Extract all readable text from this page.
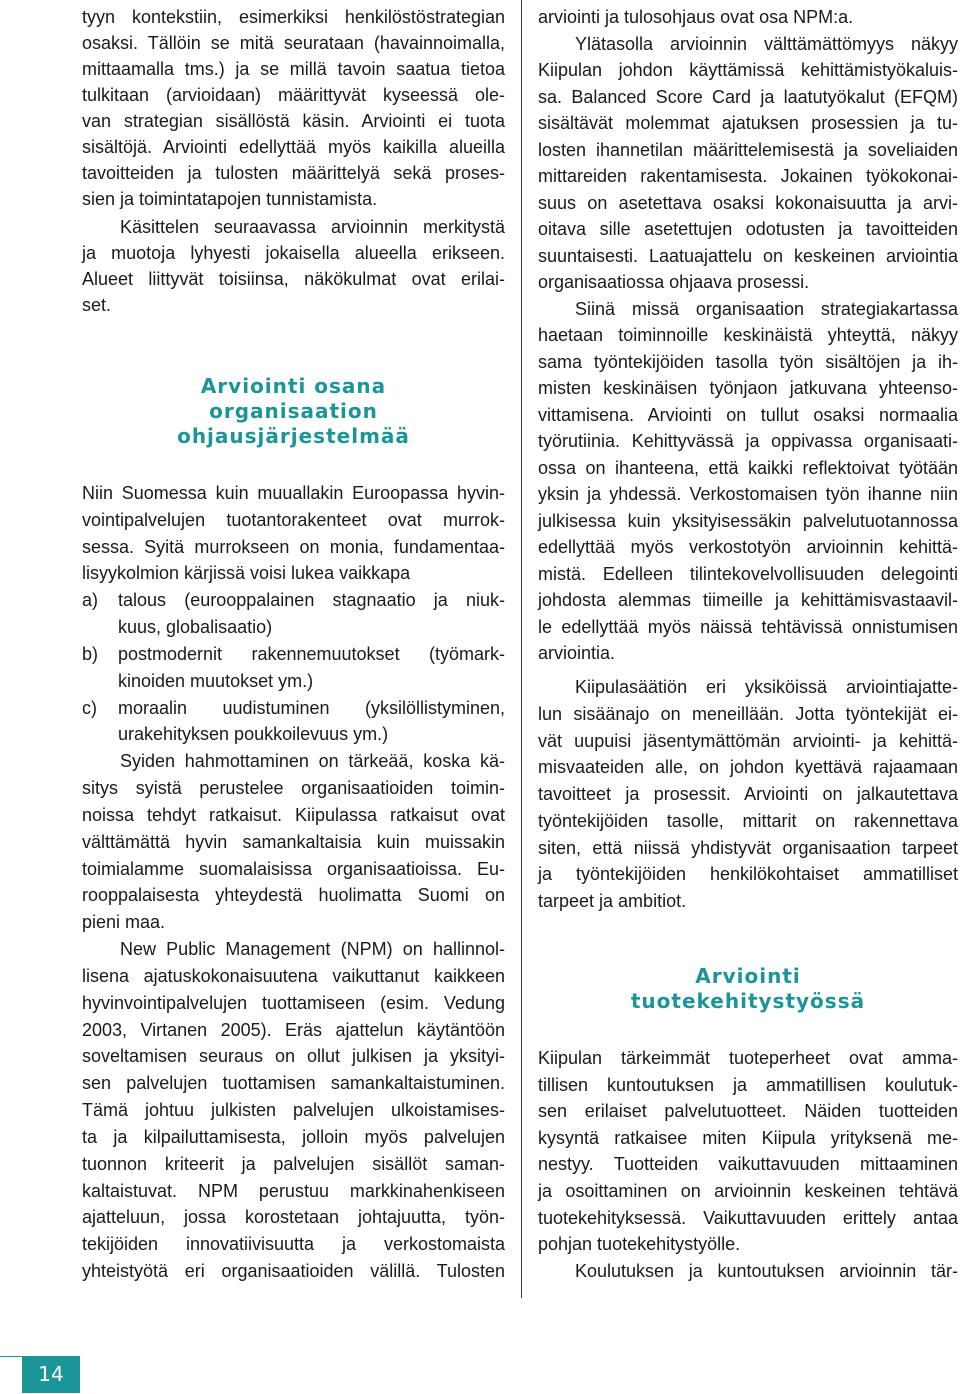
tyyn kontekstiin, esimerkiksi henkilöstöstrategian
osaksi. Tällöin se mitä seurataan (havainnoimalla,
mittaamalla tms.) ja se millä tavoin saatua tietoa
tulkitaan (arvioidaan) määrittyvät kyseessä ole-
van strategian sisällöstä käsin. Arviointi ei tuota
sisältöjä. Arviointi edellyttää myös kaikilla alueilla
tavoitteiden ja tulosten määrittelyä sekä proses-
sien ja toimintatapojen tunnistamista.
Käsittelen seuraavassa arvioinnin merkitystä
ja muotoja lyhyesti jokaisella alueella erikseen.
Alueet liittyvät toisiinsa, näkökulmat ovat erilai-
set.
Arviointi osana
organisaation
ohjausjärjestelmää
Niin Suomessa kuin muuallakin Euroopassa hyvin-
vointipalvelujen tuotantorakenteet ovat murrok-
sessa. Syitä murrokseen on monia, fundamentaa-
lisyykolmion kärjissä voisi lukea vaikkapa
a) talous (eurooppalainen stagnaatio ja niuk-
kuus, globalisaatio)
b) postmodernit rakennemuutokset (työmark-
kinoiden muutokset ym.)
c) moraalin uudistuminen (yksilöllistyminen,
urakehityksen poukkoilevuus ym.)
Syiden hahmottaminen on tärkeää, koska kä-
sitys syistä perustelee organisaatioiden toimin-
noissa tehdyt ratkaisut. Kiipulassa ratkaisut ovat
välttämättä hyvin samankaltaisia kuin muissakin
toimialamme suomalaisissa organisaatioissa. Eu-
rooppalaisesta yhteydestä huolimatta Suomi on
pieni maa.
New Public Management (NPM) on hallinnol-
lisena ajatuskokonaisuutena vaikuttanut kaikkeen
hyvinvointipalvelujen tuottamiseen (esim. Vedung
2003, Virtanen 2005). Eräs ajattelun käytäntöön
soveltamisen seuraus on ollut julkisen ja yksityi-
sen palvelujen tuottamisen samankaltaistuminen.
Tämä johtuu julkisten palvelujen ulkoistamises-
ta ja kilpailuttamisesta, jolloin myös palvelujen
tuonnon kriteerit ja palvelujen sisällöt saman-
kaltaistuvat. NPM perustuu markkinahenkiseen
ajatteluun, jossa korostetaan johtajuutta, työn-
tekijöiden innovatiivisuutta ja verkostomaista
yhteistyötä eri organisaatioiden välillä. Tulosten
arviointi ja tulosohjaus ovat osa NPM:a.
Ylätasolla arvioinnin välttämättömyys näkyy
Kiipulan johdon käyttämissä kehittämistyökaluis-
sa. Balanced Score Card ja laatutyökalut (EFQM)
sisältävät molemmat ajatuksen prosessien ja tu-
losten ihannetilan määrittelemisestä ja soveliaiden
mittareiden rakentamisesta. Jokainen työkokonai-
suus on asetettava osaksi kokonaisuutta ja arvi-
oitava sille asetettujen odotusten ja tavoitteiden
suuntaisesti. Laatuajattelu on keskeinen arviointia
organisaatiossa ohjaava prosessi.
Siinä missä organisaation strategiakartassa
haetaan toiminnoille keskinäistä yhteyttä, näkyy
sama työntekijöiden tasolla työn sisältöjen ja ih-
misten keskinäisen työnjaon jatkuvana yhteenso-
vittamisena. Arviointi on tullut osaksi normaalia
työrutiinia. Kehittyvässä ja oppivassa organisaati-
ossa on ihanteena, että kaikki reflektoivat työtään
yksin ja yhdessä. Verkostomaisen työn ihanne niin
julkisessa kuin yksityisessäkin palvelutuotannossa
edellyttää myös verkostotyön arvioinnin kehittä-
mistä. Edelleen tilintekovelvollisuuden delegointi
johdosta alemmas tiimeille ja kehittämisvastaavil-
le edellyttää myös näissä tehtävissä onnistumisen
arviointia.
Kiipulasäätiön eri yksiköissä arviointiajatte-
lun sisäänajo on meneillään. Jotta työntekijät ei-
vät uupuisi jäsentymättömän arviointi- ja kehittä-
misvaateiden alle, on johdon kyettävä rajaamaan
tavoitteet ja prosessit. Arviointi on jalkautettava
työntekijöiden tasolle, mittarit on rakennettava
siten, että niissä yhdistyvät organisaation tarpeet
ja työntekijöiden henkilökohtaiset ammatilliset
tarpeet ja ambitiot.
Arviointi
tuotekehitystyössä
Kiipulan tärkeimmät tuoteperheet ovat amma-
tillisen kuntoutuksen ja ammatillisen koulutuk-
sen erilaiset palvelutuotteet. Näiden tuotteiden
kysyntä ratkaisee miten Kiipula yrityksenä me-
nestyy. Tuotteiden vaikuttavuuden mittaaminen
ja osoittaminen on arvioinnin keskeinen tehtävä
tuotekehityksessä. Vaikuttavuuden erittely antaa
pohjan tuotekehitystyölle.
Koulutuksen ja kuntoutuksen arvioinnin tär-
14
